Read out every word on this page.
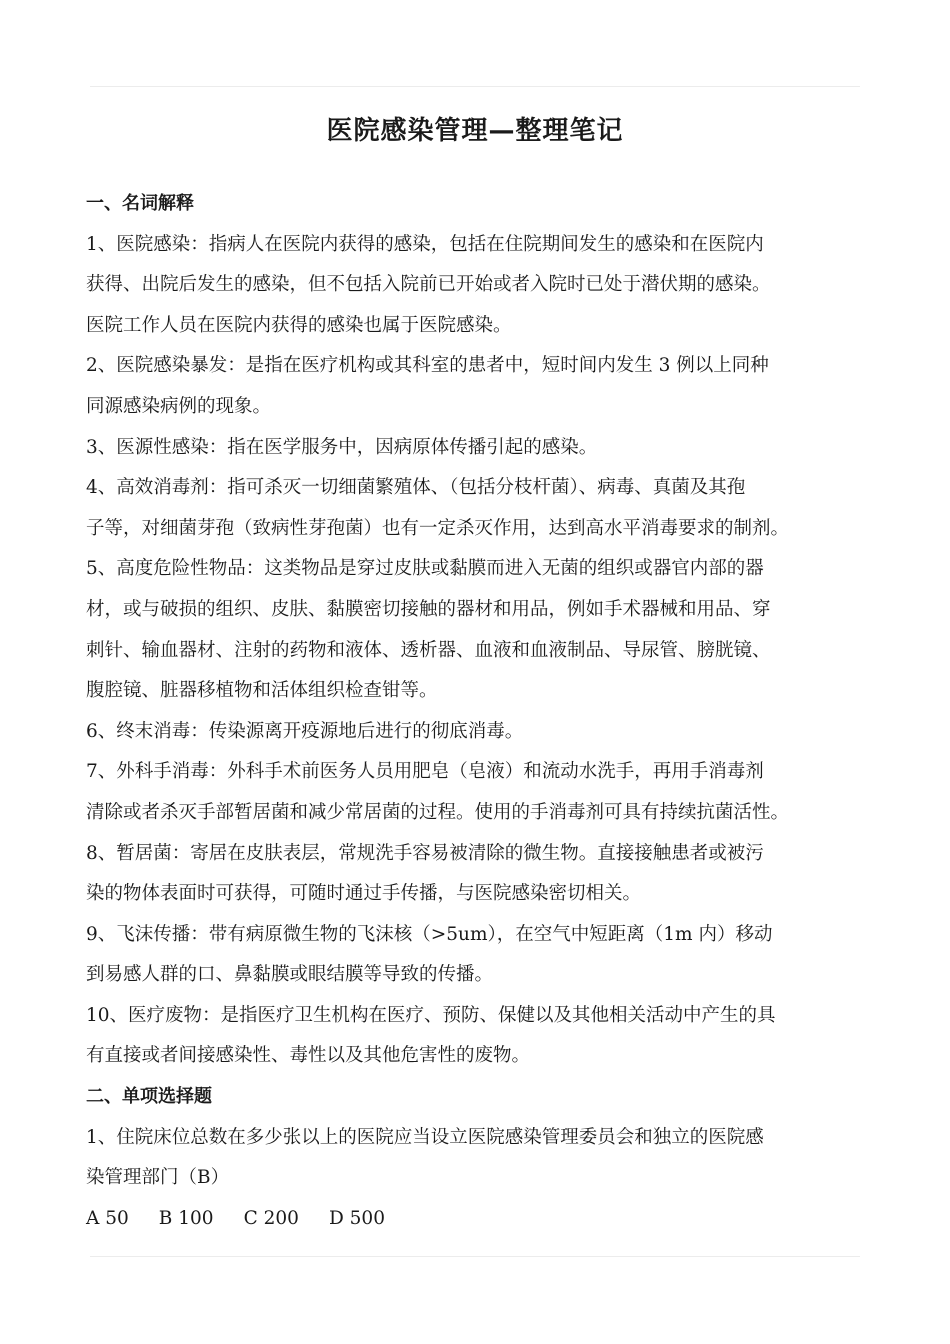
医院感染管理—整理笔记
一、名词解释
1、医院感染：指病人在医院内获得的感染，包括在住院期间发生的感染和在医院内
获得、出院后发生的感染，但不包括入院前已开始或者入院时已处于潜伏期的感染。
医院工作人员在医院内获得的感染也属于医院感染。
2、医院感染暴发：是指在医疗机构或其科室的患者中，短时间内发生 3 例以上同种
同源感染病例的现象。
3、医源性感染：指在医学服务中，因病原体传播引起的感染。
4、高效消毒剂：指可杀灭一切细菌繁殖体、（包括分枝杆菌）、病毒、真菌及其孢
子等，对细菌芽孢（致病性芽孢菌）也有一定杀灭作用，达到高水平消毒要求的制剂。
5、高度危险性物品：这类物品是穿过皮肤或黏膜而进入无菌的组织或器官内部的器
材，或与破损的组织、皮肤、黏膜密切接触的器材和用品，例如手术器械和用品、穿
刺针、输血器材、注射的药物和液体、透析器、血液和血液制品、导尿管、膀胱镜、
腹腔镜、脏器移植物和活体组织检查钳等。
6、终末消毒：传染源离开疫源地后进行的彻底消毒。
7、外科手消毒：外科手术前医务人员用肥皂（皂液）和流动水洗手，再用手消毒剂
清除或者杀灭手部暂居菌和减少常居菌的过程。使用的手消毒剂可具有持续抗菌活性。
8、暂居菌：寄居在皮肤表层，常规洗手容易被清除的微生物。直接接触患者或被污
染的物体表面时可获得，可随时通过手传播，与医院感染密切相关。
9、飞沫传播：带有病原微生物的飞沫核（>5um），在空气中短距离（1m 内）移动
到易感人群的口、鼻黏膜或眼结膜等导致的传播。
10、医疗废物：是指医疗卫生机构在医疗、预防、保健以及其他相关活动中产生的具
有直接或者间接感染性、毒性以及其他危害性的废物。
二、单项选择题
1、住院床位总数在多少张以上的医院应当设立医院感染管理委员会和独立的医院感
染管理部门（B）
A 50 B 100 C 200 D 500
